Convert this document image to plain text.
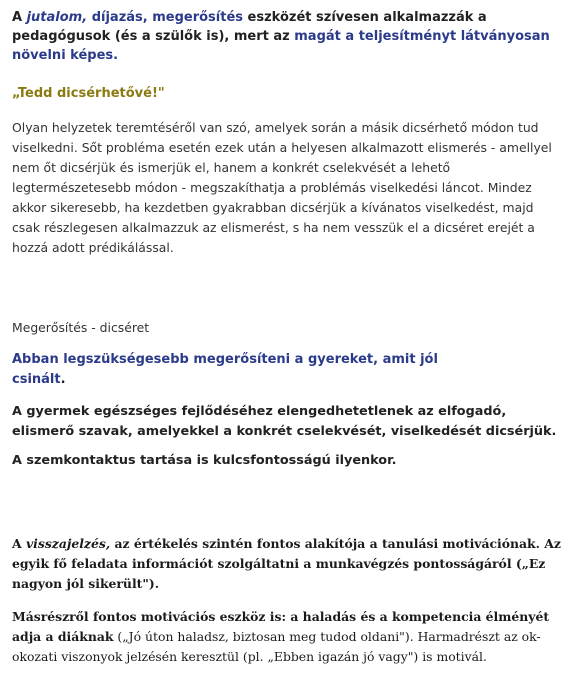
A jutalom, díjazás, megerősítés eszközét szívesen alkalmazzák a pedagógusok (és a szülők is), mert az magát a teljesítményt látványosan növelni képes.
„Tedd dicsérhetővé!"
Olyan helyzetek teremtéséről van szó, amelyek során a másik dicsérhető módon tud viselkedni. Sőt probléma esetén ezek után a helyesen alkalmazott elismerés - amellyel nem őt dicsérjük és ismerjük el, hanem a konkrét cselekvését a lehető legtermészetesebb módon - megszakíthatja a problémás viselkedési láncot. Mindez akkor sikeresebb, ha kezdetben gyakrabban dicsérjük a kívánatos viselkedést, majd csak részlegesen alkalmazzuk az elismerést, s ha nem vesszük el a dicséret erejét a hozzá adott prédikálással.
Megerősítés - dicséret
Abban legszükségesebb megerősíteni a gyereket, amit jól csinált.
A gyermek egészséges fejlődéséhez elengedhetetlenek az elfogadó, elismerő szavak, amelyekkel a konkrét cselekvését, viselkedését dicsérjük.
A szemkontaktus tartása is kulcsfontosságú ilyenkor.
A visszajelzés, az értékelés szintén fontos alakítója a tanulási motivációnak. Az egyik fő feladata információt szolgáltatni a munkavégzés pontosságáról („Ez nagyon jól sikerült").
Másrészről fontos motivációs eszköz is: a haladás és a kompetencia élményét adja a diáknak („Jó úton haladsz, biztosan meg tudod oldani"). Harmadrészt az ok-okozati viszonyok jelzésén keresztül (pl. „Ebben igazán jó vagy") is motivál.
